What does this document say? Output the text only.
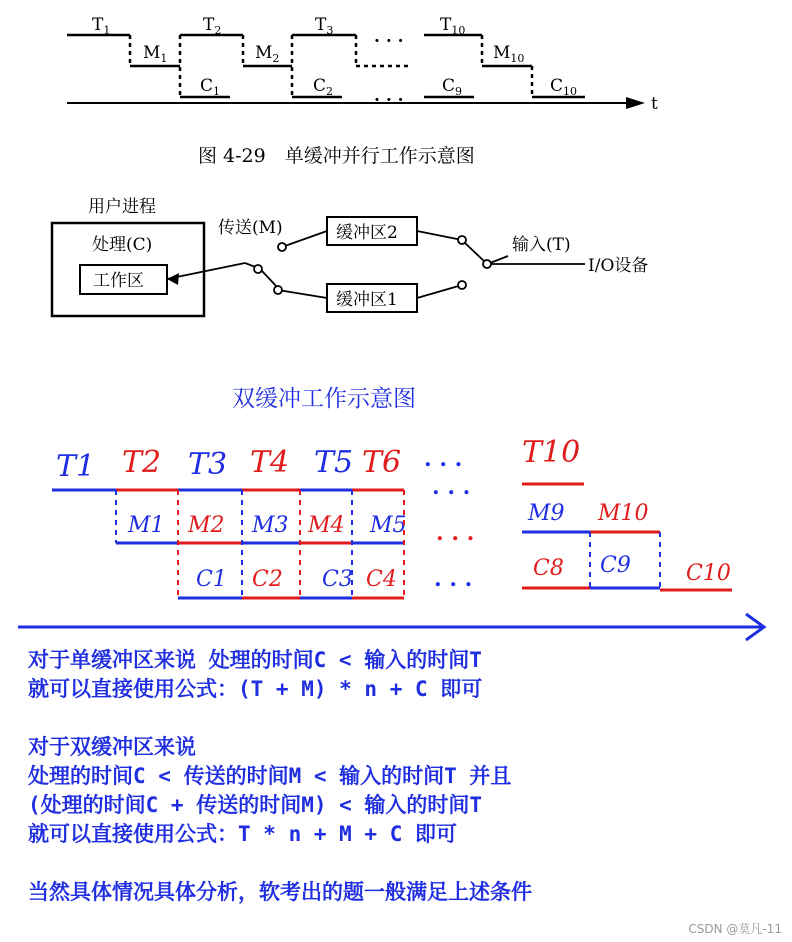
$T_1$	$T_2$	$T_3$	$T_{10}$
$M_1$	$M_2$	$M_{10}$
$C_1$	$C_2$	$C_9$	$C_{10}$
. . .
. . .	t
图 4-29　单缓冲并行工作示意图
用户进程
处理(C)
工作区
传送(M)	缓冲区2
缓冲区1
输入(T)
I/O设备
双缓冲工作示意图
T1 T2 T3 T4 T5 T6	T10
M1 M2 M3 M4 M5	M9 M10
C1 C2 C3 C4	C8 C9	C10
. . .
. . .
. . .
. . .
对于单缓冲区来说 处理的时间C < 输入的时间T
就可以直接使用公式：(T + M) * n + C 即可
对于双缓冲区来说
处理的时间C < 传送的时间M < 输入的时间T 并且
(处理的时间C + 传送的时间M) < 输入的时间T
就可以直接使用公式：T * n + M + C 即可
当然具体情况具体分析，软考出的题一般满足上述条件
CSDN @莫凡-11
